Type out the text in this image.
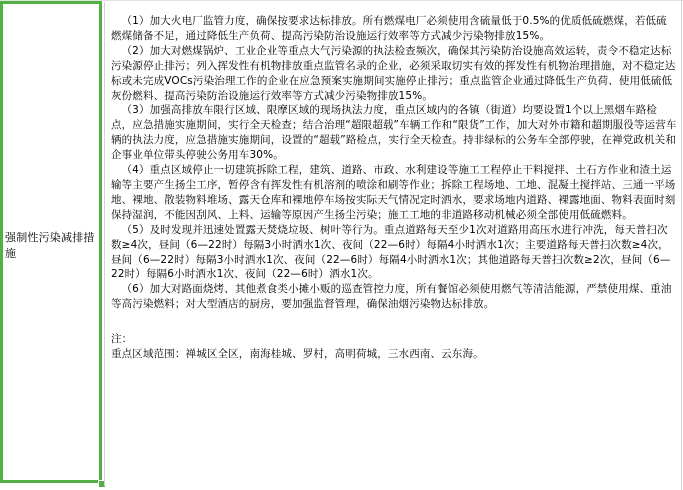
强制性污染减排措施
（1）加大火电厂监管力度，确保按要求达标排放。所有燃煤电厂必须使用含硫量低于0.5%的优质低硫燃煤，若低硫燃煤储备不足，通过降低生产负荷、提高污染防治设施运行效率等方式减少污染物排放15%。
（2）加大对燃煤锅炉、工业企业等重点大气污染源的执法检查频次，确保其污染防治设施高效运转，责令不稳定达标污染源停止排污；列入挥发性有机物排放重点监管名录的企业，必须采取切实有效的挥发性有机物治理措施，对不稳定达标或未完成VOCs污染治理工作的企业在应急预案实施期间实施停止排污；重点监管企业通过降低生产负荷、使用低硫低灰份燃料、提高污染防治设施运行效率等方式减少污染物排放15%。
（3）加强高排放车限行区域、限摩区域的现场执法力度，重点区域内的各镇（街道）均要设置1个以上黑烟车路检点，应急措施实施期间，实行全天检查；结合治理“超限超载”车辆工作和“限货”工作，加大对外市籍和超期服役等运营车辆的执法力度，应急措施实施期间，设置的“超载”路检点，实行全天检查。持非绿标的公务车全部停驶，在禅党政机关和企事业单位带头停驶公务用车30%。
（4）重点区域停止一切建筑拆除工程，建筑、道路、市政、水利建设等施工工程停止干料搅拌、土石方作业和渣土运输等主要产生扬尘工序，暂停含有挥发性有机溶剂的喷涂和刷等作业；拆除工程场地、工地、混凝土搅拌站、三通一平场地、裸地、散装物料堆场、露天仓库和裸地停车场按实际天气情况定时洒水，要求场地内道路、裸露地面、物料表面时刻保持湿润，不能因刮风、上料、运输等原因产生扬尘污染；施工工地的非道路移动机械必须全部使用低硫燃料。
（5）及时发现并迅速处置露天焚烧垃圾、树叶等行为。重点道路每天至少1次对道路用高压水进行冲洗，每天普扫次数≥4次，昼间（6—22时）每隔3小时洒水1次、夜间（22—6时）每隔4小时洒水1次；主要道路每天普扫次数≥4次，昼间（6—22时）每隔3小时洒水1次、夜间（22—6时）每隔4小时洒水1次；其他道路每天普扫次数≥2次，昼间（6—22时）每隔6小时洒水1次、夜间（22—6时）洒水1次。
（6）加大对路面烧烤、其他煮食类小摊小贩的巡查管控力度，所有餐馆必须使用燃气等清洁能源，严禁使用煤、重油等高污染燃料；对大型酒店的厨房，要加强监督管理，确保油烟污染物达标排放。
注：
重点区域范围：禅城区全区，南海桂城、罗村，高明荷城，三水西南、云东海。
